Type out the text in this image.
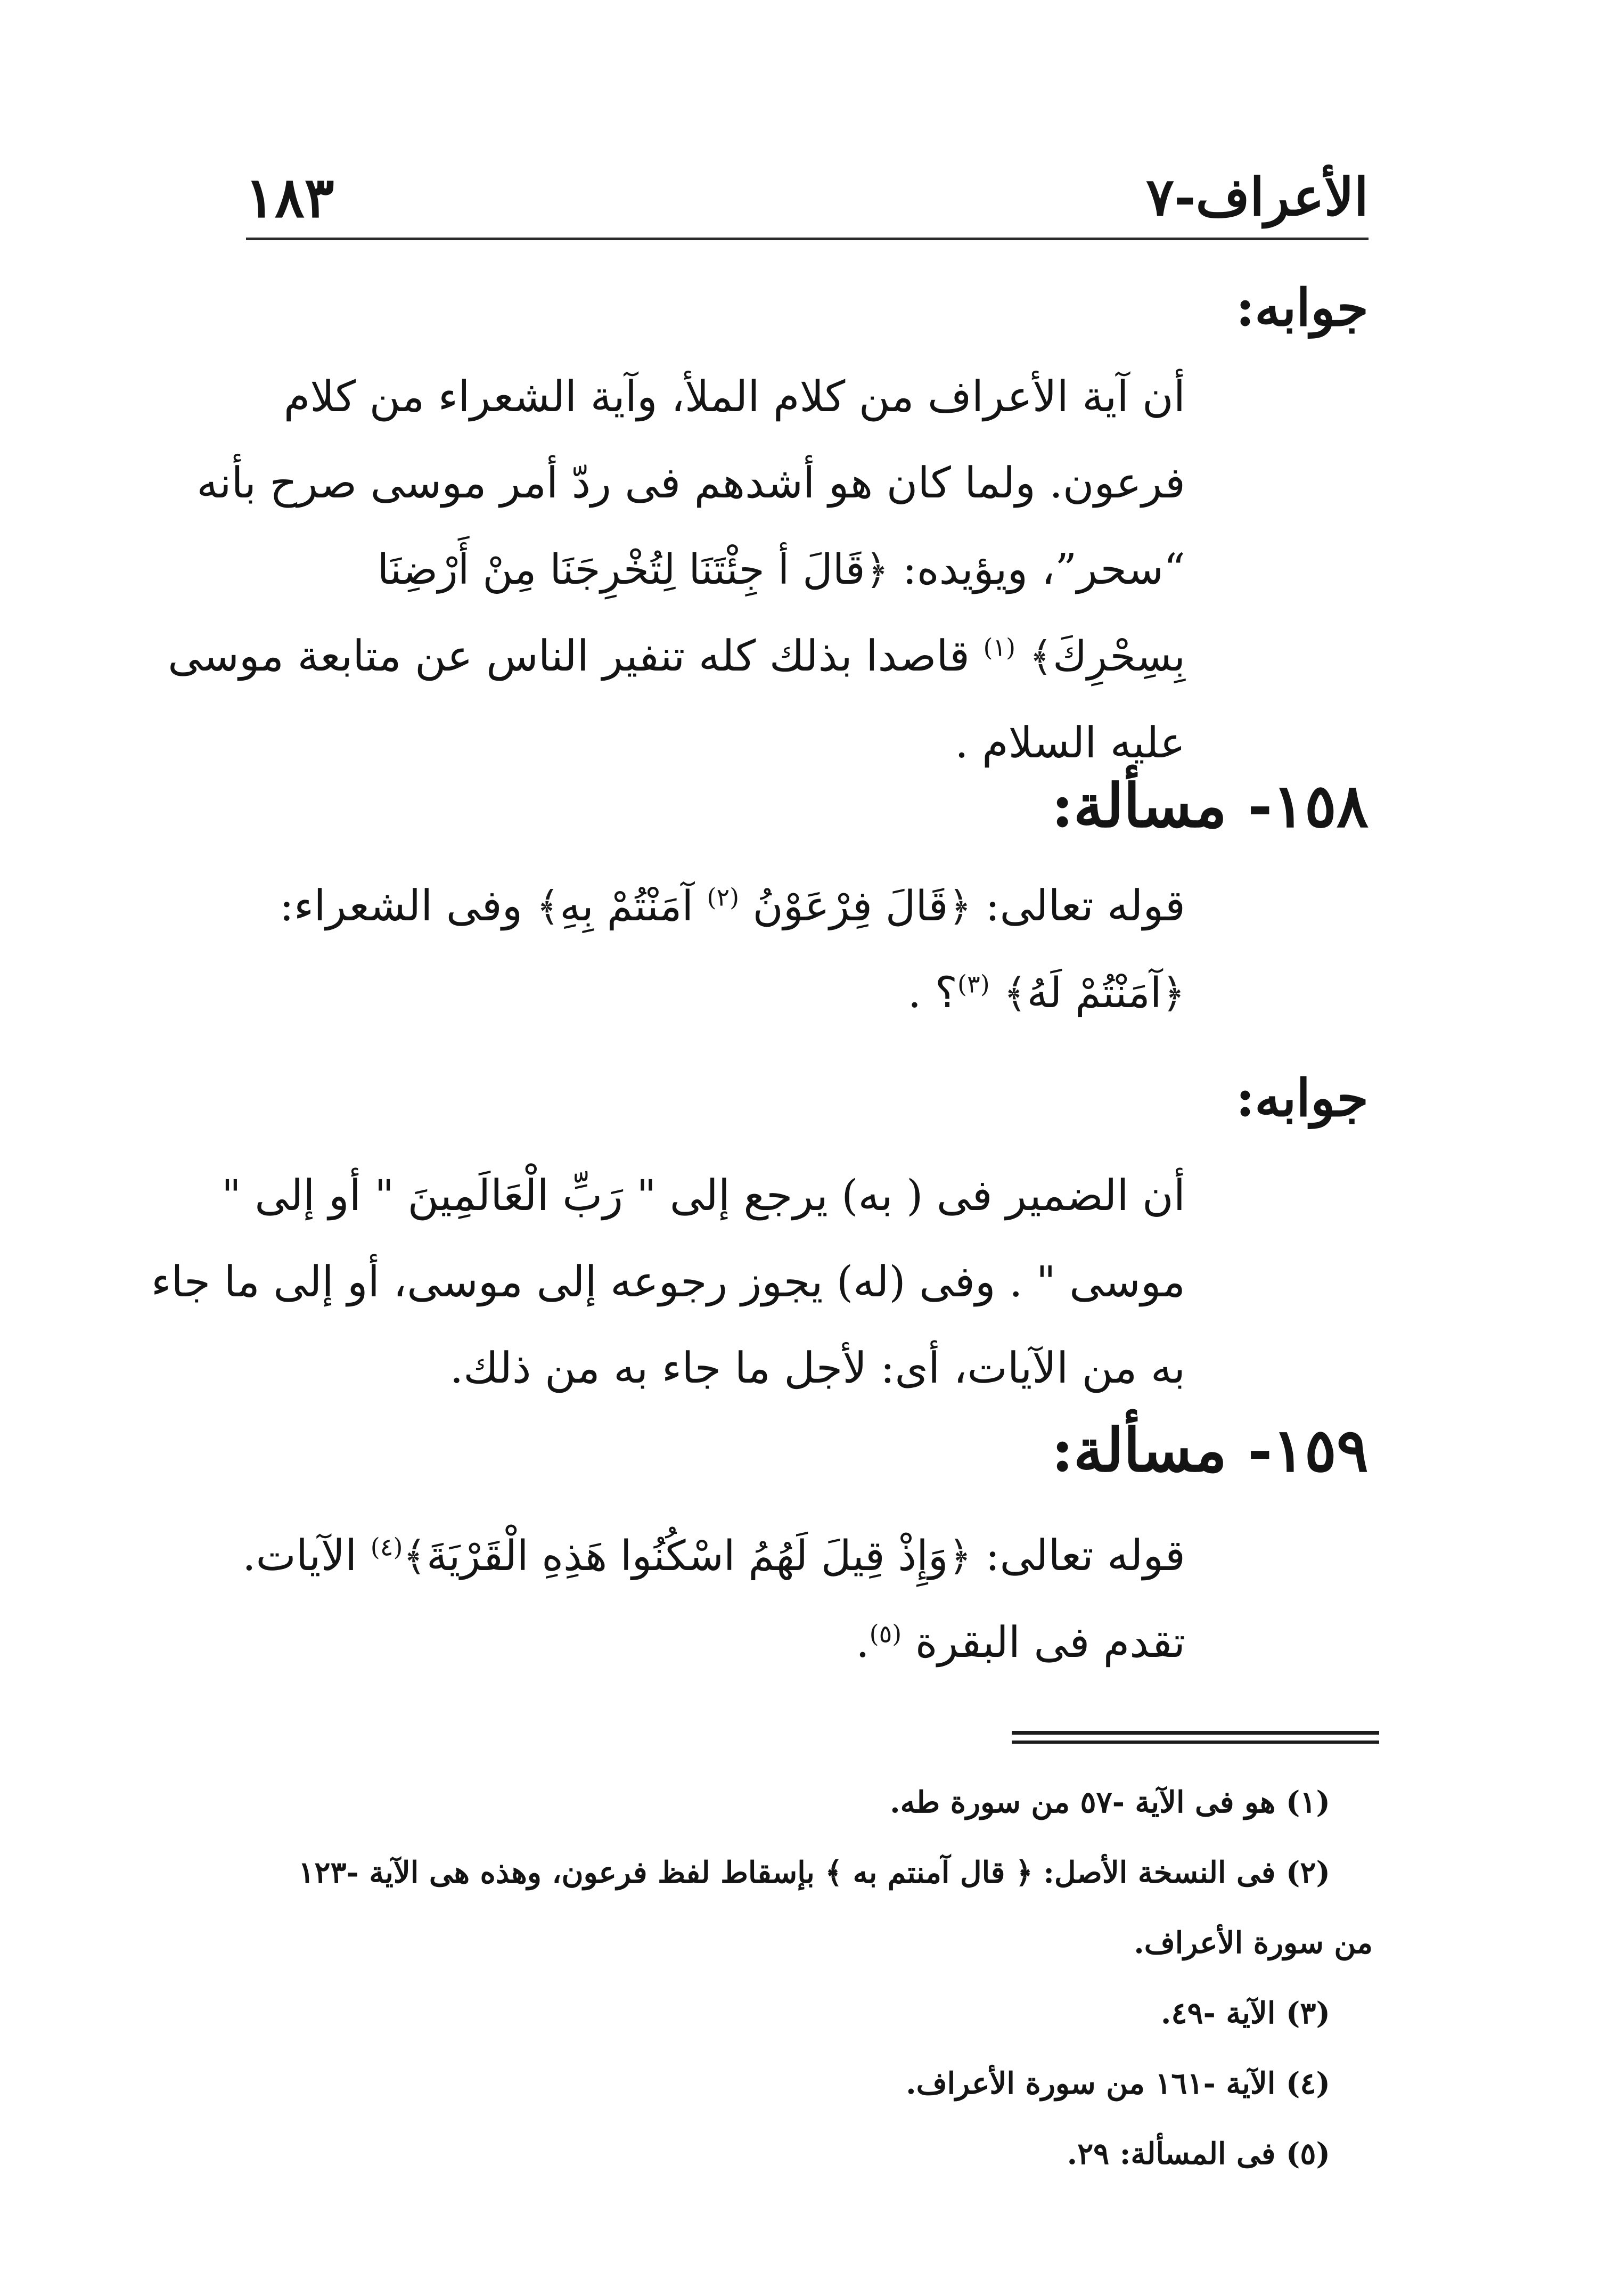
الأعراف-٧
١٨٣
جوابه:
أن آية الأعراف من كلام الملأ، وآية الشعراء من كلام
فرعون. ولما كان هو أشدهم فى ردّ أمر موسى صرح بأنه
“سحر”، ويؤيده: ﴿قَالَ أ جِئْتَنَا لِتُخْرِجَنَا مِنْ أَرْضِنَا
بِسِحْرِكَ﴾ $^{(١)}$ قاصدا بذلك كله تنفير الناس عن متابعة موسى
عليه السلام .
١٥٨- مسألة:
قوله تعالى: ﴿قَالَ فِرْعَوْنُ $^{(٢)}$ آمَنْتُمْ بِهِ﴾ وفى الشعراء:
﴿آمَنْتُمْ لَهُ﴾ $^{(٣)}$؟ .
جوابه:
أن الضمير فى ( به) يرجع إلى " رَبِّ الْعَالَمِينَ " أو إلى "
موسى " . وفى (له) يجوز رجوعه إلى موسى، أو إلى ما جاء
به من الآيات، أى: لأجل ما جاء به من ذلك.
١٥٩- مسألة:
قوله تعالى: ﴿وَإِذْ قِيلَ لَهُمُ اسْكُنُوا هَذِهِ الْقَرْيَةَ﴾$^{(٤)}$ الآيات.
تقدم فى البقرة $^{(٥)}$.
(١) هو فى الآية -٥٧ من سورة طه.
(٢) فى النسخة الأصل: ﴿ قال آمنتم به ﴾ بإسقاط لفظ فرعون، وهذه هى الآية -١٢٣
من سورة الأعراف.
(٣) الآية -٤٩.
(٤) الآية -١٦١ من سورة الأعراف.
(٥) فى المسألة: ٢٩.
